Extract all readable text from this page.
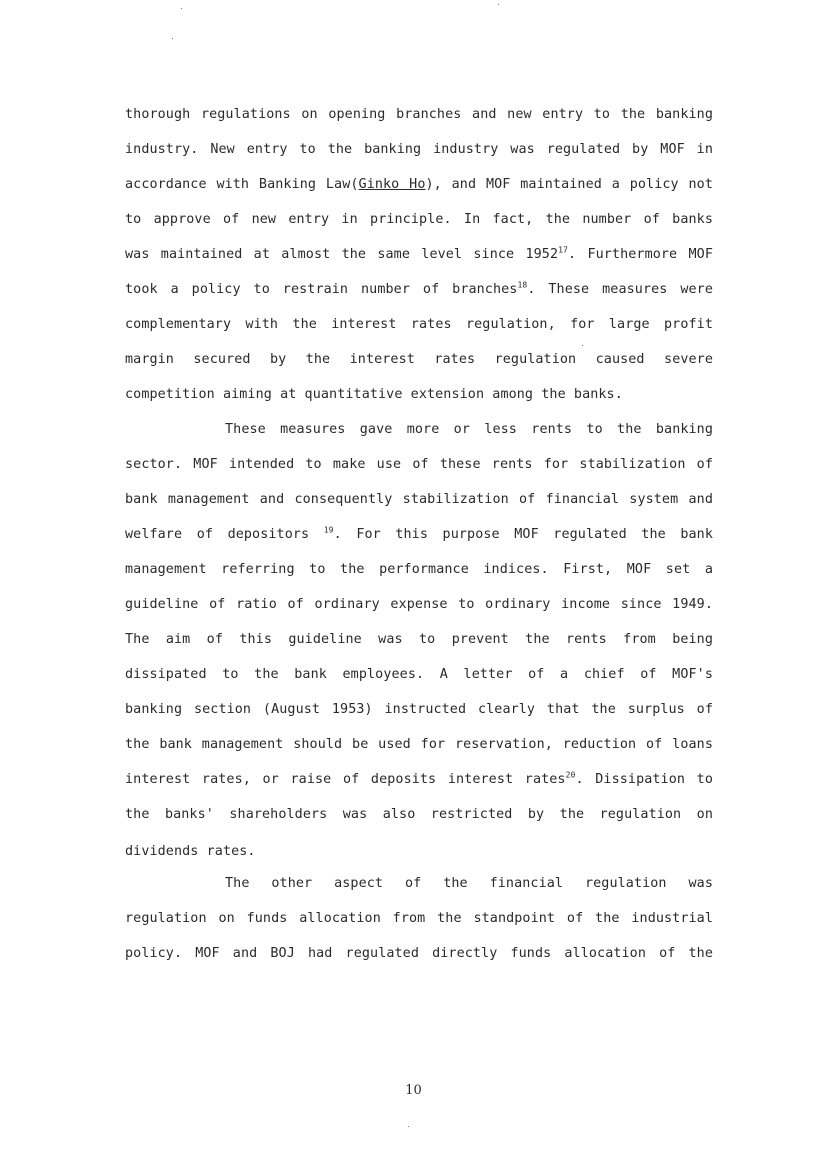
thorough regulations on opening branches and new entry to the banking
industry. New entry to the banking industry was regulated by MOF in
accordance with Banking Law(Ginko Ho), and MOF maintained a policy not
to approve of new entry in principle. In fact, the number of banks
was maintained at almost the same level since 1952$^{17}$. Furthermore MOF
took a policy to restrain number of branches$^{18}$. These measures were
complementary with the interest rates regulation, for large profit
margin secured by the interest rates regulation caused severe
competition aiming at quantitative extension among the banks.
These measures gave more or less rents to the banking
sector. MOF intended to make use of these rents for stabilization of
bank management and consequently stabilization of financial system and
welfare of depositors $^{19}$. For this purpose MOF regulated the bank
management referring to the performance indices. First, MOF set a
guideline of ratio of ordinary expense to ordinary income since 1949.
The aim of this guideline was to prevent the rents from being
dissipated to the bank employees. A letter of a chief of MOF's
banking section (August 1953) instructed clearly that the surplus of
the bank management should be used for reservation, reduction of loans
interest rates, or raise of deposits interest rates$^{20}$. Dissipation to
the banks' shareholders was also restricted by the regulation on
dividends rates.
The other aspect of the financial regulation was
regulation on funds allocation from the standpoint of the industrial
policy. MOF and BOJ had regulated directly funds allocation of the
10
